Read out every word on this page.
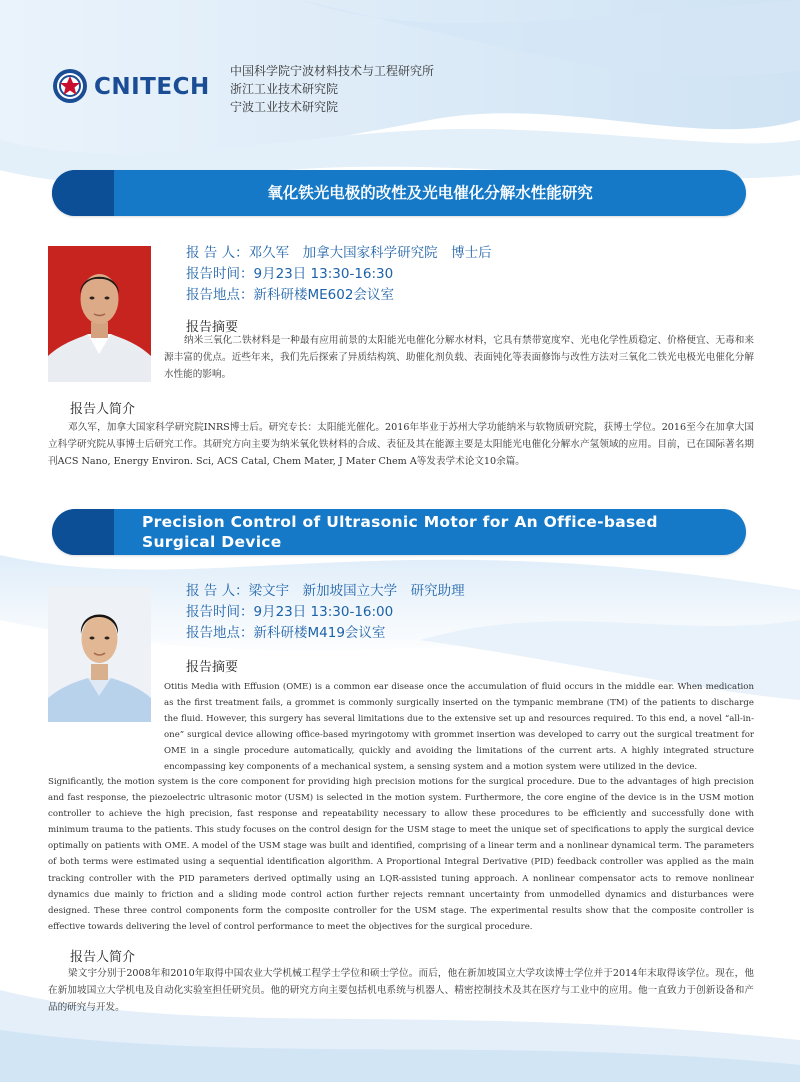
CNITECH
中国科学院宁波材料技术与工程研究所
浙江工业技术研究院
宁波工业技术研究院
氧化铁光电极的改性及光电催化分解水性能研究
报 告 人：邓久军　加拿大国家科学研究院　博士后
报告时间：9月23日 13:30-16:30
报告地点：新科研楼ME602会议室
报告摘要
纳米三氧化二铁材料是一种最有应用前景的太阳能光电催化分解水材料，它具有禁带宽度窄、光电化学性质稳定、价格便宜、无毒和来源丰富的优点。近些年来，我们先后探索了异质结构筑、助催化剂负载、表面钝化等表面修饰与改性方法对三氧化二铁光电极光电催化分解水性能的影响。
报告人简介
邓久军，加拿大国家科学研究院INRS博士后。研究专长：太阳能光催化。2016年毕业于苏州大学功能纳米与软物质研究院，获博士学位。2016至今在加拿大国立科学研究院从事博士后研究工作。其研究方向主要为纳米氧化铁材料的合成、表征及其在能源主要是太阳能光电催化分解水产氢领域的应用。目前，已在国际著名期刊ACS Nano, Energy Environ. Sci, ACS Catal, Chem Mater, J Mater Chem A等发表学术论文10余篇。
Precision Control of Ultrasonic Motor for An Office-based Surgical Device
报 告 人：梁文宇　新加坡国立大学　研究助理
报告时间：9月23日 13:30-16:00
报告地点：新科研楼M419会议室
报告摘要
Otitis Media with Effusion (OME) is a common ear disease once the accumulation of fluid occurs in the middle ear. When medication as the first treatment fails, a grommet is commonly surgically inserted on the tympanic membrane (TM) of the patients to discharge the fluid. However, this surgery has several limitations due to the extensive set up and resources required. To this end, a novel “all-in-one” surgical device allowing office-based myringotomy with grommet insertion was developed to carry out the surgical treatment for OME in a single procedure automatically, quickly and avoiding the limitations of the current arts. A highly integrated structure encompassing key components of a mechanical system, a sensing system and a motion system were utilized in the device.
Significantly, the motion system is the core component for providing high precision motions for the surgical procedure. Due to the advantages of high precision and fast response, the piezoelectric ultrasonic motor (USM) is selected in the motion system. Furthermore, the core engine of the device is in the USM motion controller to achieve the high precision, fast response and repeatability necessary to allow these procedures to be efficiently and successfully done with minimum trauma to the patients. This study focuses on the control design for the USM stage to meet the unique set of specifications to apply the surgical device optimally on patients with OME. A model of the USM stage was built and identified, comprising of a linear term and a nonlinear dynamical term. The parameters of both terms were estimated using a sequential identification algorithm. A Proportional Integral Derivative (PID) feedback controller was applied as the main tracking controller with the PID parameters derived optimally using an LQR-assisted tuning approach. A nonlinear compensator acts to remove nonlinear dynamics due mainly to friction and a sliding mode control action further rejects remnant uncertainty from unmodelled dynamics and disturbances were designed. These three control components form the composite controller for the USM stage. The experimental results show that the composite controller is effective towards delivering the level of control performance to meet the objectives for the surgical procedure.
报告人简介
梁文宇分别于2008年和2010年取得中国农业大学机械工程学士学位和硕士学位。而后，他在新加坡国立大学攻读博士学位并于2014年末取得该学位。现在，他在新加坡国立大学机电及自动化实验室担任研究员。他的研究方向主要包括机电系统与机器人、精密控制技术及其在医疗与工业中的应用。他一直致力于创新设备和产品的研究与开发。
